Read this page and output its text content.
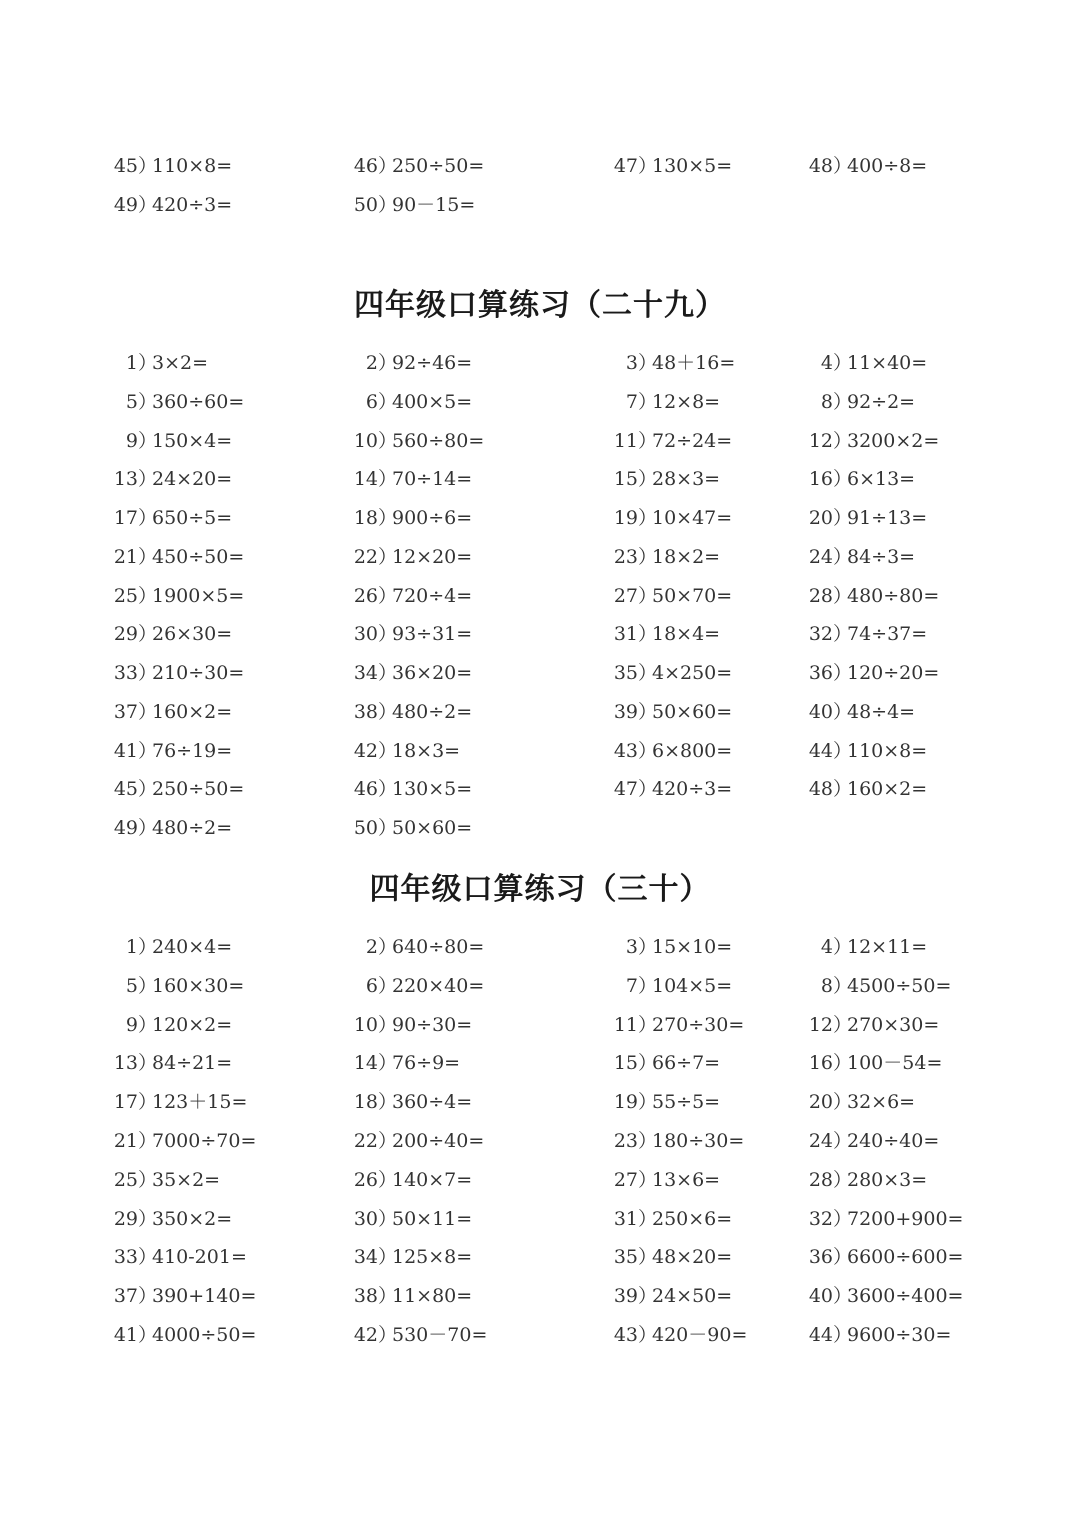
45）110×8=	46）250÷50=	47）130×5=	48）400÷8=
49）420÷3=	50）90－15=
四年级口算练习（二十九）
1）3×2=	2）92÷46=	3）48＋16=	4）11×40=
5）360÷60=	6）400×5=	7）12×8=	8）92÷2=
9）150×4=	10）560÷80=	11）72÷24=	12）3200×2=
13）24×20=	14）70÷14=	15）28×3=	16）6×13=
17）650÷5=	18）900÷6=	19）10×47=	20）91÷13=
21）450÷50=	22）12×20=	23）18×2=	24）84÷3=
25）1900×5=	26）720÷4=	27）50×70=	28）480÷80=
29）26×30=	30）93÷31=	31）18×4=	32）74÷37=
33）210÷30=	34）36×20=	35）4×250=	36）120÷20=
37）160×2=	38）480÷2=	39）50×60=	40）48÷4=
41）76÷19=	42）18×3=	43）6×800=	44）110×8=
45）250÷50=	46）130×5=	47）420÷3=	48）160×2=
49）480÷2=	50）50×60=
四年级口算练习（三十）
1）240×4=	2）640÷80=	3）15×10=	4）12×11=
5）160×30=	6）220×40=	7）104×5=	8）4500÷50=
9）120×2=	10）90÷30=	11）270÷30=	12）270×30=
13）84÷21=	14）76÷9=	15）66÷7=	16）100－54=
17）123＋15=	18）360÷4=	19）55÷5=	20）32×6=
21）7000÷70=	22）200÷40=	23）180÷30=	24）240÷40=
25）35×2=	26）140×7=	27）13×6=	28）280×3=
29）350×2=	30）50×11=	31）250×6=	32）7200+900=
33）410-201=	34）125×8=	35）48×20=	36）6600÷600=
37）390+140=	38）11×80=	39）24×50=	40）3600÷400=
41）4000÷50=	42）530－70=	43）420－90=	44）9600÷30=
